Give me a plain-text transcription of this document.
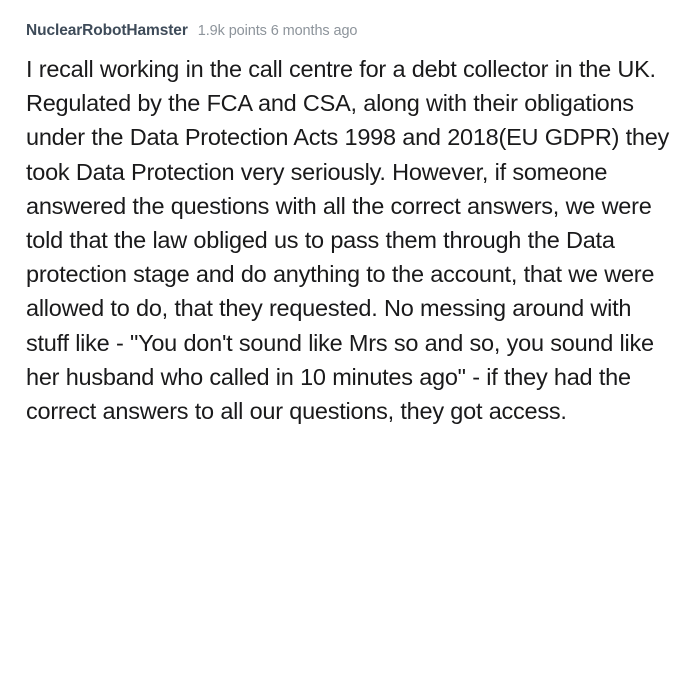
NuclearRobotHamster 1.9k points 6 months ago
I recall working in the call centre for a debt collector in the UK. Regulated by the FCA and CSA, along with their obligations under the Data Protection Acts 1998 and 2018(EU GDPR) they took Data Protection very seriously. However, if someone answered the questions with all the correct answers, we were told that the law obliged us to pass them through the Data protection stage and do anything to the account, that we were allowed to do, that they requested. No messing around with stuff like - "You don't sound like Mrs so and so, you sound like her husband who called in 10 minutes ago" - if they had the correct answers to all our questions, they got access.
